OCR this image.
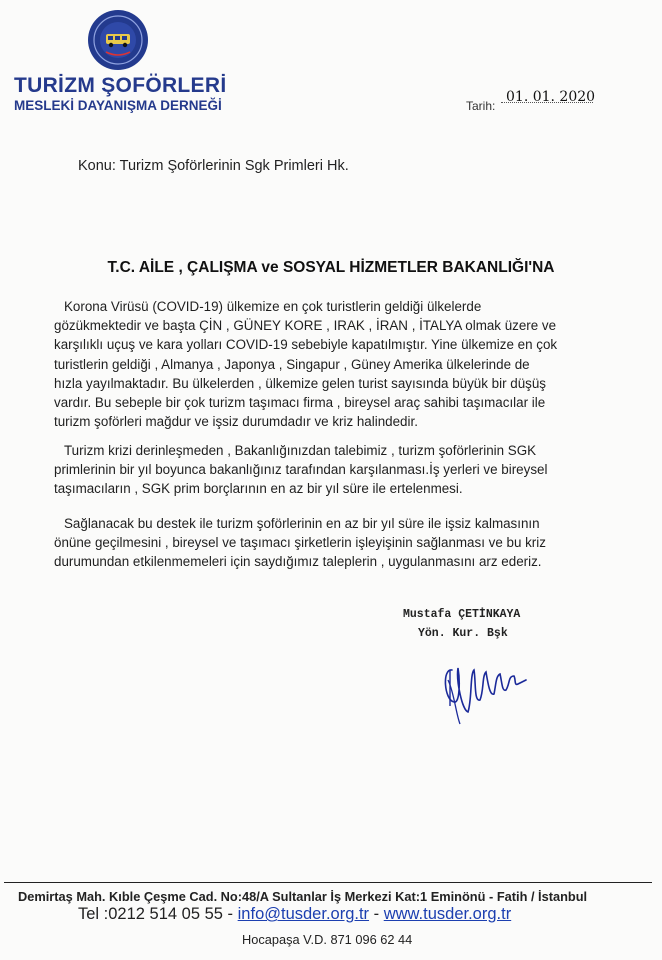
TURİZM ŞOFÖRLERİ
MESLEKİ DAYANIŞMA DERNEĞİ	Tarih:
01. 01. 2020
Konu: Turizm Şoförlerinin Sgk Primleri Hk.
T.C. AİLE , ÇALIŞMA ve SOSYAL HİZMETLER BAKANLIĞI'NA
Korona Virüsü (COVID-19) ülkemize en çok turistlerin geldiği ülkelerde
gözükmektedir ve başta ÇİN , GÜNEY KORE , IRAK , İRAN , İTALYA olmak üzere ve
karşılıklı uçuş ve kara yolları COVID-19 sebebiyle kapatılmıştır. Yine ülkemize en çok
turistlerin geldiği , Almanya , Japonya , Singapur , Güney Amerika ülkelerinde de
hızla yayılmaktadır. Bu ülkelerden , ülkemize gelen turist sayısında büyük bir düşüş
vardır. Bu sebeple bir çok turizm taşımacı firma , bireysel araç sahibi taşımacılar ile
turizm şoförleri mağdur ve işsiz durumdadır ve kriz halindedir.
Turizm krizi derinleşmeden , Bakanlığınızdan talebimiz , turizm şoförlerinin SGK
primlerinin bir yıl boyunca bakanlığınız tarafından karşılanması.İş yerleri ve bireysel
taşımacıların , SGK prim borçlarının en az bir yıl süre ile ertelenmesi.
Sağlanacak bu destek ile turizm şoförlerinin en az bir yıl süre ile işsiz kalmasının
önüne geçilmesini , bireysel ve taşımacı şirketlerin işleyişinin sağlanması ve bu kriz
durumundan etkilenmemeleri için saydığımız taleplerin , uygulanmasını arz ederiz.
Mustafa ÇETİNKAYA
Yön. Kur. Bşk
Demirtaş Mah. Kıble Çeşme Cad. No:48/A Sultanlar İş Merkezi Kat:1 Eminönü - Fatih / İstanbul
Tel :0212 514 05 55 - info@tusder.org.tr - www.tusder.org.tr
Hocapaşa V.D. 871 096 62 44
